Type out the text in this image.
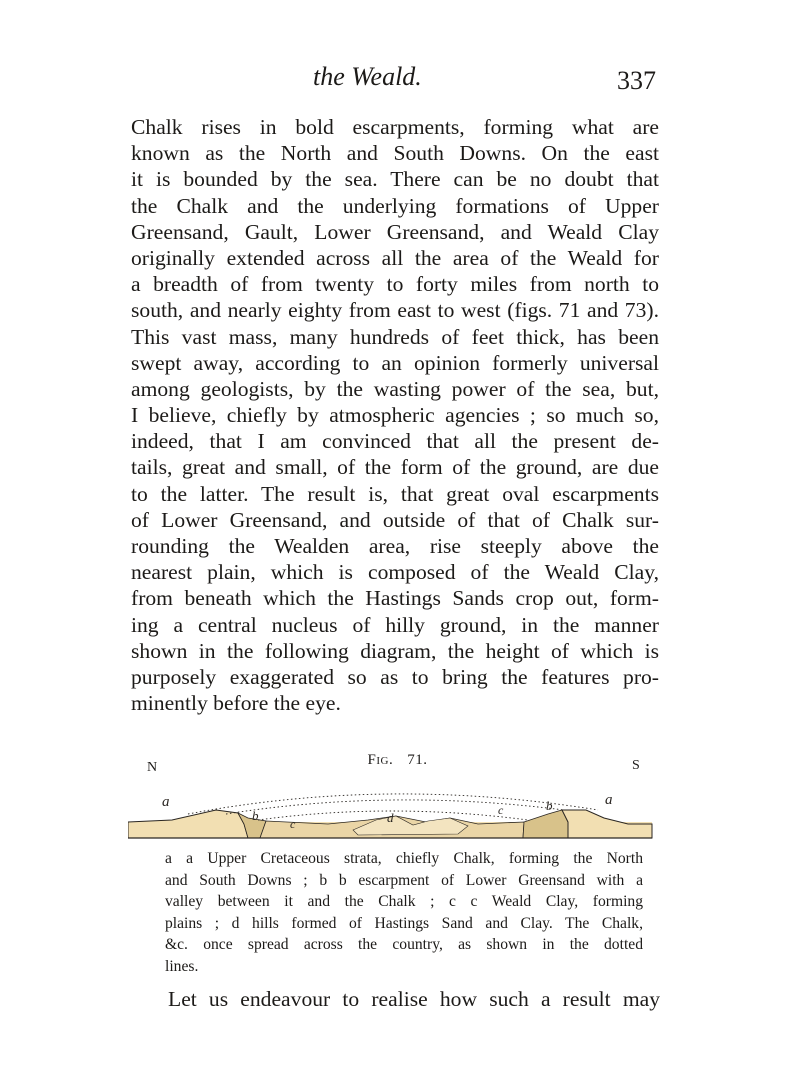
the Weald.	337
Chalk rises in bold escarpments, forming what are
known as the North and South Downs. On the east
it is bounded by the sea. There can be no doubt that
the Chalk and the underlying formations of Upper
Greensand, Gault, Lower Greensand, and Weald Clay
originally extended across all the area of the Weald for
a breadth of from twenty to forty miles from north to
south, and nearly eighty from east to west (figs. 71 and 73).
This vast mass, many hundreds of feet thick, has been
swept away, according to an opinion formerly universal
among geologists, by the wasting power of the sea, but,
I believe, chiefly by atmospheric agencies ; so much so,
indeed, that I am convinced that all the present de-
tails, great and small, of the form of the ground, are due
to the latter. The result is, that great oval escarpments
of Lower Greensand, and outside of that of Chalk sur-
rounding the Wealden area, rise steeply above the
nearest plain, which is composed of the Weald Clay,
from beneath which the Hastings Sands crop out, form-
ing a central nucleus of hilly ground, in the manner
shown in the following diagram, the height of which is
purposely exaggerated so as to bring the features pro-
minently before the eye.
Fig. 71.
N	S
a	a
b
b
c
c
d
a a Upper Cretaceous strata, chiefly Chalk, forming the North
and South Downs ; b b escarpment of Lower Greensand with a
valley between it and the Chalk ; c c Weald Clay, forming
plains ; d hills formed of Hastings Sand and Clay. The Chalk,
&c. once spread across the country, as shown in the dotted
lines.
Let us endeavour to realise how such a result may
